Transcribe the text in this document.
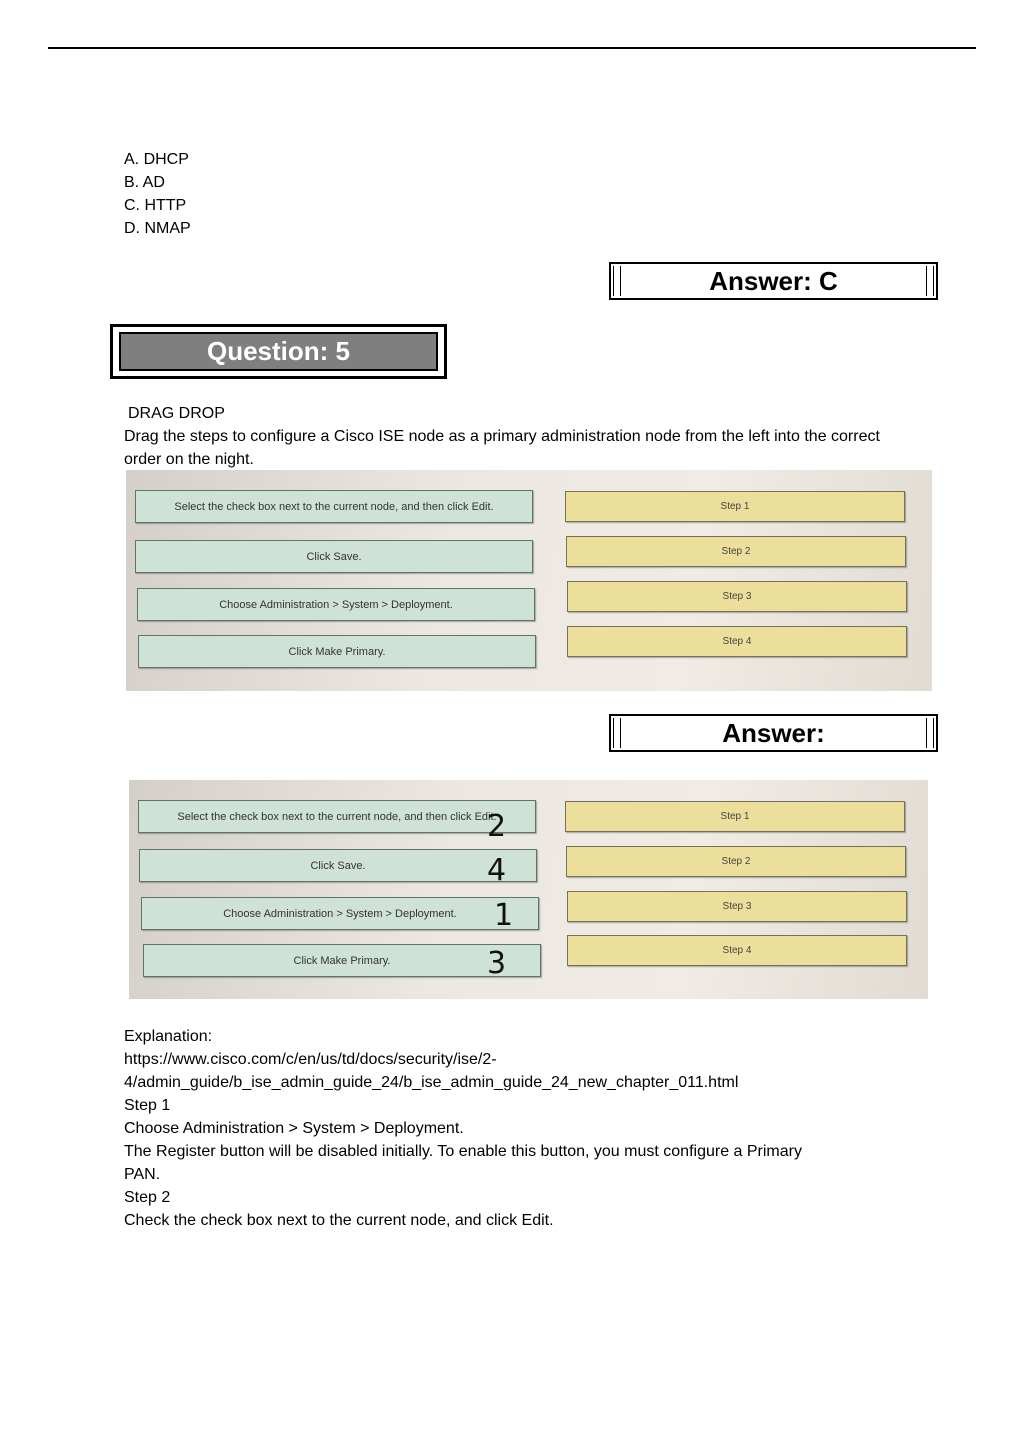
A. DHCP
B. AD
C. HTTP
D. NMAP
Answer: C
Question: 5
DRAG DROP
Drag the steps to configure a Cisco ISE node as a primary administration node from the left into the correct order on the night.
Select the check box next to the current node, and then click Edit.
Click Save.
Choose Administration > System > Deployment.
Click Make Primary.
Step 1
Step 2
Step 3
Step 4
Answer:
Select the check box next to the current node, and then click Edit.
Click Save.
Choose Administration > System > Deployment.
Click Make Primary.
Step 1
Step 2
Step 3
Step 4
2
4
1
3
Explanation:
https://www.cisco.com/c/en/us/td/docs/security/ise/2-
4/admin_guide/b_ise_admin_guide_24/b_ise_admin_guide_24_new_chapter_011.html
Step 1
Choose Administration > System > Deployment.
The Register button will be disabled initially. To enable this button, you must configure a Primary
PAN.
Step 2
Check the check box next to the current node, and click Edit.
